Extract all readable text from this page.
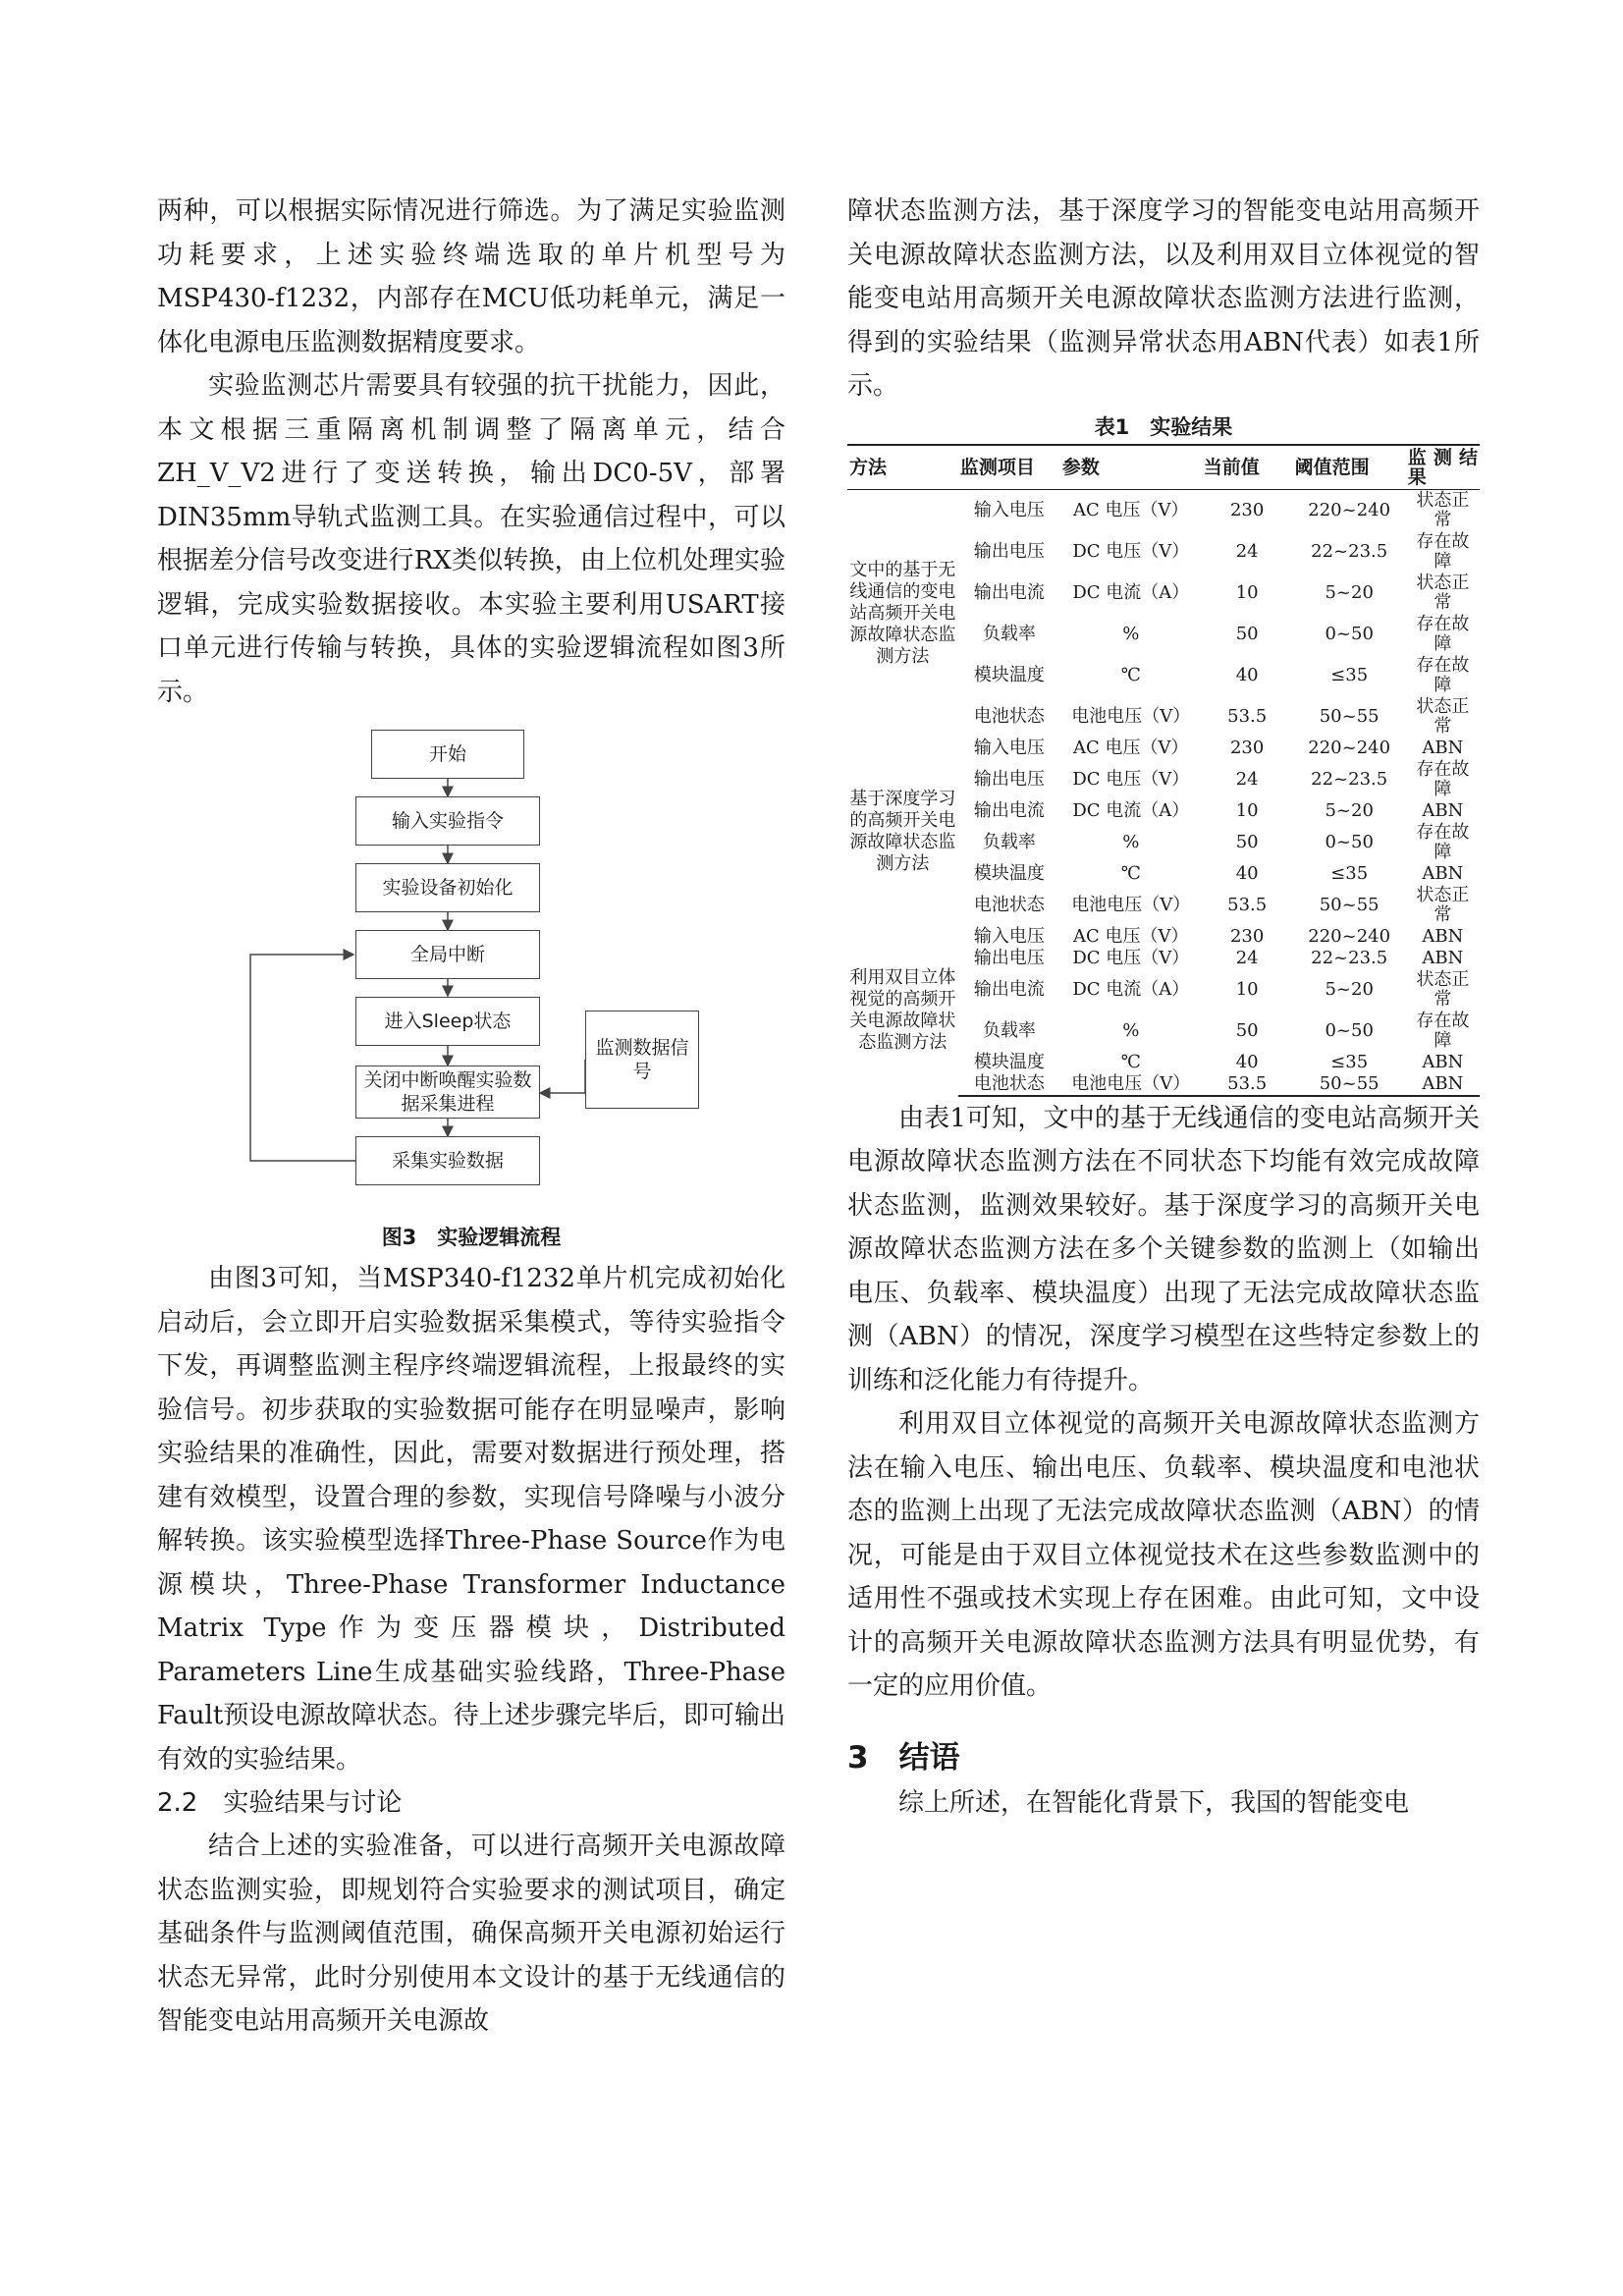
两种，可以根据实际情况进行筛选。为了满足实验监测功耗要求，上述实验终端选取的单片机型号为MSP430-f1232，内部存在MCU低功耗单元，满足一体化电源电压监测数据精度要求。

实验监测芯片需要具有较强的抗干扰能力，因此，本文根据三重隔离机制调整了隔离单元，结合ZH_V_V2进行了变送转换，输出DC0-5V，部署DIN35mm导轨式监测工具。在实验通信过程中，可以根据差分信号改变进行RX类似转换，由上位机处理实验逻辑，完成实验数据接收。本实验主要利用USART接口单元进行传输与转换，具体的实验逻辑流程如图3所示。

开始
输入实验指令
实验设备初始化
全局中断
进入Sleep状态
关闭中断唤醒实验数据采集进程
采集实验数据
监测数据信号
图3　实验逻辑流程

由图3可知，当MSP340-f1232单片机完成初始化启动后，会立即开启实验数据采集模式，等待实验指令下发，再调整监测主程序终端逻辑流程，上报最终的实验信号。初步获取的实验数据可能存在明显噪声，影响实验结果的准确性，因此，需要对数据进行预处理，搭建有效模型，设置合理的参数，实现信号降噪与小波分解转换。该实验模型选择Three-Phase Source作为电源模块，Three-Phase Transformer Inductance Matrix Type作为变压器模块，Distributed Parameters Line生成基础实验线路，Three-Phase Fault预设电源故障状态。待上述步骤完毕后，即可输出有效的实验结果。

2.2　实验结果与讨论

结合上述的实验准备，可以进行高频开关电源故障状态监测实验，即规划符合实验要求的测试项目，确定基础条件与监测阈值范围，确保高频开关电源初始运行状态无异常，此时分别使用本文设计的基于无线通信的智能变电站用高频开关电源故

障状态监测方法，基于深度学习的智能变电站用高频开关电源故障状态监测方法，以及利用双目立体视觉的智能变电站用高频开关电源故障状态监测方法进行监测，得到的实验结果（监测异常状态用ABN代表）如表1所示。

表1　实验结果
方法	监测项目	参数	当前值	阈值范围	监测结果
文中的基于无线通信的变电站高频开关电源故障状态监测方法	输入电压	AC 电压（V）	230	220~240	状态正常
	输出电压	DC 电压（V）	24	22~23.5	存在故障
	输出电流	DC 电流（A）	10	5~20	状态正常
	负载率	%	50	0~50	存在故障
	模块温度	℃	40	≤35	存在故障
	电池状态	电池电压（V）	53.5	50~55	状态正常
基于深度学习的高频开关电源故障状态监测方法	输入电压	AC 电压（V）	230	220~240	ABN
	输出电压	DC 电压（V）	24	22~23.5	存在故障
	输出电流	DC 电流（A）	10	5~20	ABN
	负载率	%	50	0~50	存在故障
	模块温度	℃	40	≤35	ABN
	电池状态	电池电压（V）	53.5	50~55	状态正常
利用双目立体视觉的高频开关电源故障状态监测方法	输入电压	AC 电压（V）	230	220~240	ABN
	输出电压	DC 电压（V）	24	22~23.5	ABN
	输出电流	DC 电流（A）	10	5~20	状态正常
	负载率	%	50	0~50	存在故障
	模块温度	℃	40	≤35	ABN
	电池状态	电池电压（V）	53.5	50~55	ABN

由表1可知，文中的基于无线通信的变电站高频开关电源故障状态监测方法在不同状态下均能有效完成故障状态监测，监测效果较好。基于深度学习的高频开关电源故障状态监测方法在多个关键参数的监测上（如输出电压、负载率、模块温度）出现了无法完成故障状态监测（ABN）的情况，深度学习模型在这些特定参数上的训练和泛化能力有待提升。

利用双目立体视觉的高频开关电源故障状态监测方法在输入电压、输出电压、负载率、模块温度和电池状态的监测上出现了无法完成故障状态监测（ABN）的情况，可能是由于双目立体视觉技术在这些参数监测中的适用性不强或技术实现上存在困难。由此可知，文中设计的高频开关电源故障状态监测方法具有明显优势，有一定的应用价值。

3　结语

综上所述，在智能化背景下，我国的智能变电
